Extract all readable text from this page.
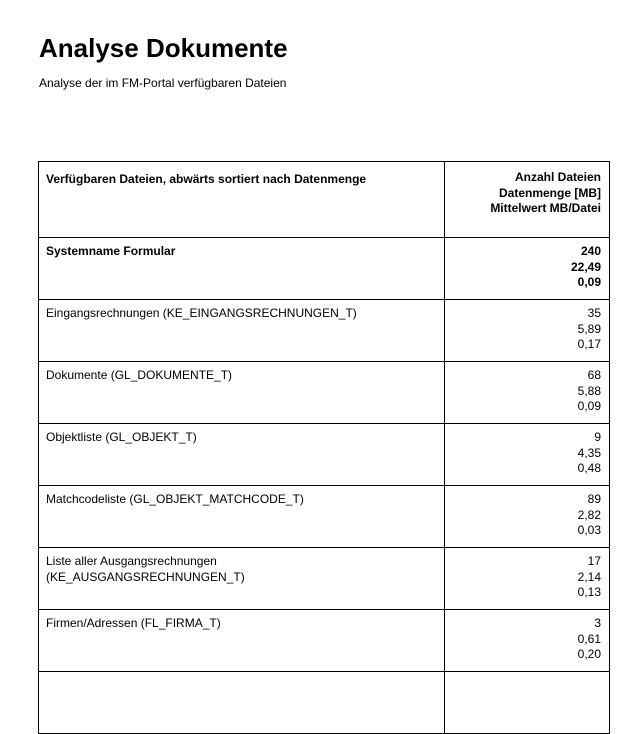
Analyse Dokumente
Analyse der im FM-Portal verfügbaren Dateien
Verfügbaren Dateien, abwärts sortiert nach Datenmenge	Anzahl Dateien
Datenmenge [MB]
Mittelwert MB/Datei

Systemname Formular	240
22,49
0,09

Eingangsrechnungen (KE_EINGANGSRECHNUNGEN_T)	35
5,89
0,17

Dokumente (GL_DOKUMENTE_T)	68
5,88
0,09

Objektliste (GL_OBJEKT_T)	9
4,35
0,48

Matchcodeliste (GL_OBJEKT_MATCHCODE_T)	89
2,82
0,03

Liste aller Ausgangsrechnungen
(KE_AUSGANGSRECHNUNGEN_T)	17
2,14
0,13

Firmen/Adressen (FL_FIRMA_T)	3
0,61
0,20
